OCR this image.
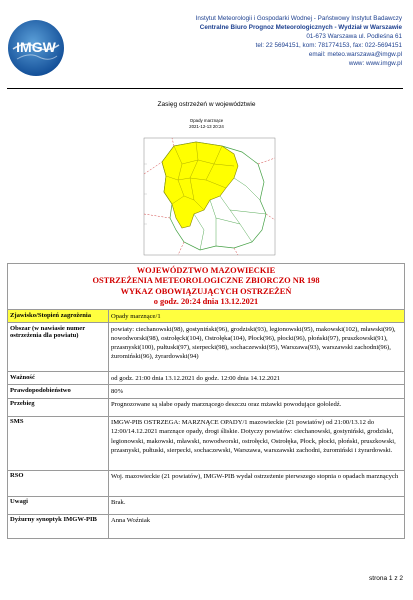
IMGW
Instytut Meteorologii i Gospodarki Wodnej - Państwowy Instytut Badawczy
Centralne Biuro Prognoz Meteorologicznych - Wydział w Warszawie
01-673 Warszawa ul. Podleśna 61
tel: 22 5694151, kom: 781774153, fax: 022-5694151
email: meteo.warszawa@imgw.pl
www: www.imgw.pl
Zasięg ostrzeżeń w województwie
Opady marznące
2021-12-13 20:24
WOJEWÓDZTWO MAZOWIECKIE
OSTRZEŻENIA METEOROLOGICZNE ZBIORCZO NR 198
WYKAZ OBOWIĄZUJĄCYCH OSTRZEŻEŃ
o godz. 20:24 dnia 13.12.2021	

Zjawisko/Stopień zagrożenia	Opady marznące/1
Obszar (w nawiasie numer ostrzeżenia dla powiatu)	powiaty: ciechanowski(98), gostyniński(96), grodziski(93), legionowski(95), makowski(102), mławski(99), nowodworski(98), ostrołęcki(104), Ostrołęka(104), Płock(96), płocki(96), płoński(97), pruszkowski(91), przasnyski(100), pułtuski(97), sierpecki(98), sochaczewski(95), Warszawa(93), warszawski zachodni(96), żuromiński(96), żyrardowski(94)
Ważność	od godz. 21:00 dnia 13.12.2021 do godz. 12:00 dnia 14.12.2021
Prawdopodobieństwo	80%
Przebieg	Prognozowane są słabe opady marznącego deszczu oraz mżawki powodujące gołoledź.
SMS	IMGW-PIB OSTRZEGA: MARZNĄCE OPADY/1 mazowieckie (21 powiatów) od 21:00/13.12 do 12:00/14.12.2021 marznące opady, drogi śliskie. Dotyczy powiatów: ciechanowski, gostyniński, grodziski, legionowski, makowski, mławski, nowodworski, ostrołęcki, Ostrołęka, Płock, płocki, płoński, pruszkowski, przasnyski, pułtuski, sierpecki, sochaczewski, Warszawa, warszawski zachodni, żuromiński i żyrardowski.
RSO	Woj. mazowieckie (21 powiatów), IMGW-PIB wydał ostrzeżenie pierwszego stopnia o opadach marznących
Uwagi	Brak.
Dyżurny synoptyk IMGW-PIB	Anna Woźniak
strona 1 z 2
